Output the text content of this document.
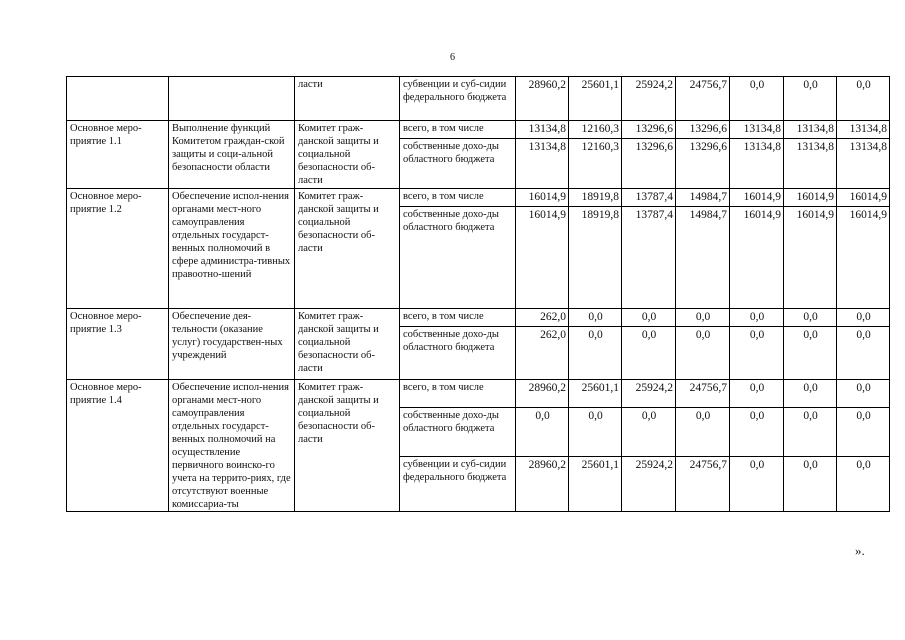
6
		ласти	субвенции и суб-сидии федерального бюджета	28960,2	25601,1	25924,2	24756,7	0,0	0,0	0,0
Основное меро-приятие 1.1	Выполнение функций Комитетом граждан-ской защиты и соци-альной безопасности области	Комитет граж-данской защиты и социальной безопасности об-ласти	всего, в том числе	13134,8	12160,3	13296,6	13296,6	13134,8	13134,8	13134,8
			собственные дохо-ды областного бюджета	13134,8	12160,3	13296,6	13296,6	13134,8	13134,8	13134,8
Основное меро-приятие 1.2	Обеспечение испол-нения органами мест-ного самоуправления отдельных государст-венных полномочий в сфере администра-тивных правоотно-шений	Комитет граж-данской защиты и социальной безопасности об-ласти	всего, в том числе	16014,9	18919,8	13787,4	14984,7	16014,9	16014,9	16014,9
			собственные дохо-ды областного бюджета	16014,9	18919,8	13787,4	14984,7	16014,9	16014,9	16014,9
Основное меро-приятие 1.3	Обеспечение дея-тельности (оказание услуг) государствен-ных учреждений	Комитет граж-данской защиты и социальной безопасности об-ласти	всего, в том числе	262,0	0,0	0,0	0,0	0,0	0,0	0,0
			собственные дохо-ды областного бюджета	262,0	0,0	0,0	0,0	0,0	0,0	0,0
Основное меро-приятие 1.4	Обеспечение испол-нения органами мест-ного самоуправления отдельных государст-венных полномочий на осуществление первичного воинско-го учета на террито-риях, где отсутствуют военные комиссариа-ты	Комитет граж-данской защиты и социальной безопасности об-ласти	всего, в том числе	28960,2	25601,1	25924,2	24756,7	0,0	0,0	0,0
			собственные дохо-ды областного бюджета	0,0	0,0	0,0	0,0	0,0	0,0	0,0
			субвенции и суб-сидии федерального бюджета	28960,2	25601,1	25924,2	24756,7	0,0	0,0	0,0
».
